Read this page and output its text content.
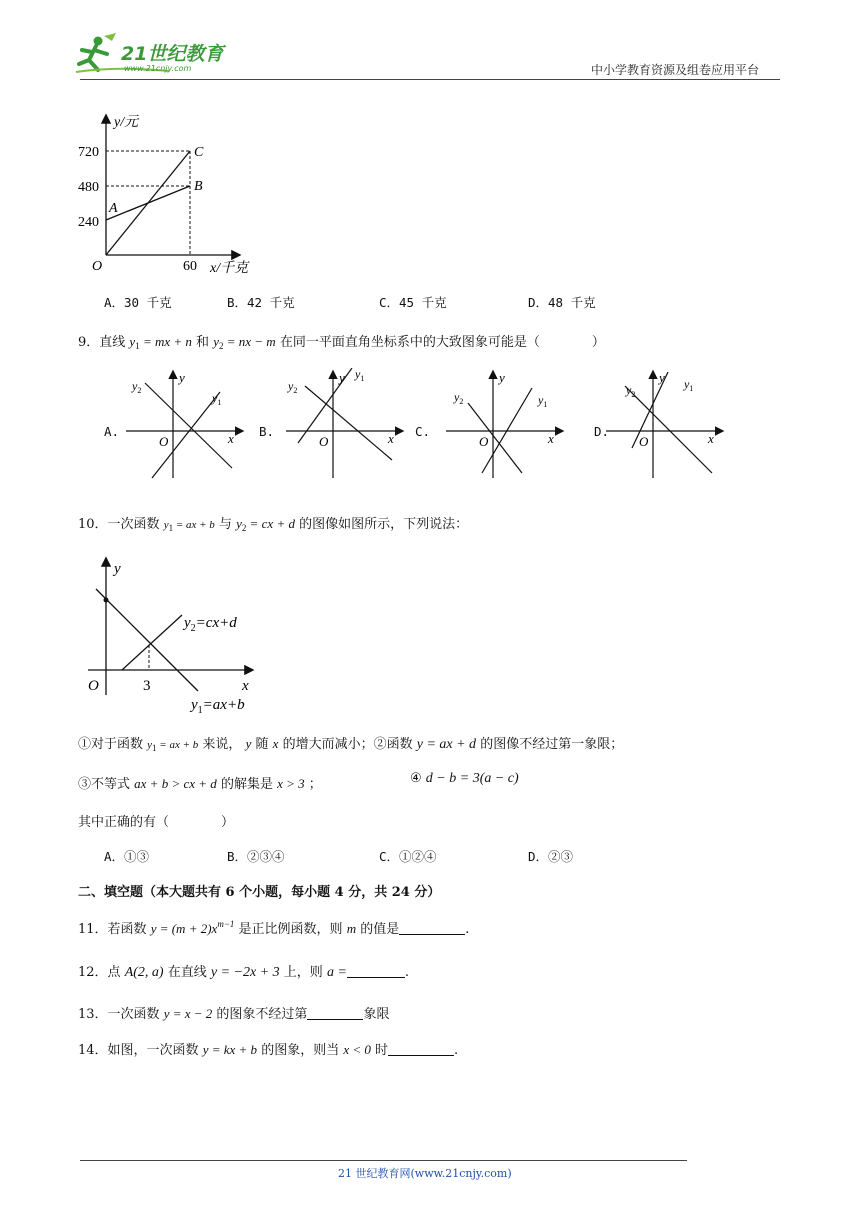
21世纪教育
www.21cnjy.com	中小学教育资源及组卷应用平台
y/元
720
480
240
A
B
C
O	60 x/千克
A．30 千克	B．42 千克	C．45 千克	D．48 千克
9．直线 $y_1$ = mx + n 和 $y_2$ = nx − m 在同一平面直角坐标系中的大致图象可能是（　　　　）
y
x
O
$y_1$
$y_2$
A.
y
x
O
$y_1$
$y_2$
B.
y
x
O
$y_1$
$y_2$
C.
y
x
O
$y_1$
$y_2$
D.
10．一次函数 $y_1$ = ax + b 与 $y_2$ = cx + d 的图像如图所示，下列说法：
y
O	3	x
$y_2=cx+d$
$y_1=ax+b$
①对于函数 $y_1$ = ax + b 来说， y 随 x 的增大而减小；②函数 y = ax + d 的图像不经过第一象限；
③不等式 ax + b > cx + d 的解集是 x > 3 ；	④ d − b = 3(a − c)
其中正确的有（　　　　）
A．①③	B．②③④	C．①②④	D．②③
二、填空题（本大题共有 6 个小题，每小题 4 分，共 24 分）
11．若函数 $y = (m + 2)x^{m-1}$ 是正比例函数，则 m 的值是	.
12．点 A(2, a) 在直线 y = −2x + 3 上，则 a =	.
13．一次函数 y = x − 2 的图象不经过第	象限
14．如图，一次函数 y = kx + b 的图象，则当 x < 0 时	.
21 世纪教育网(www.21cnjy.com)
